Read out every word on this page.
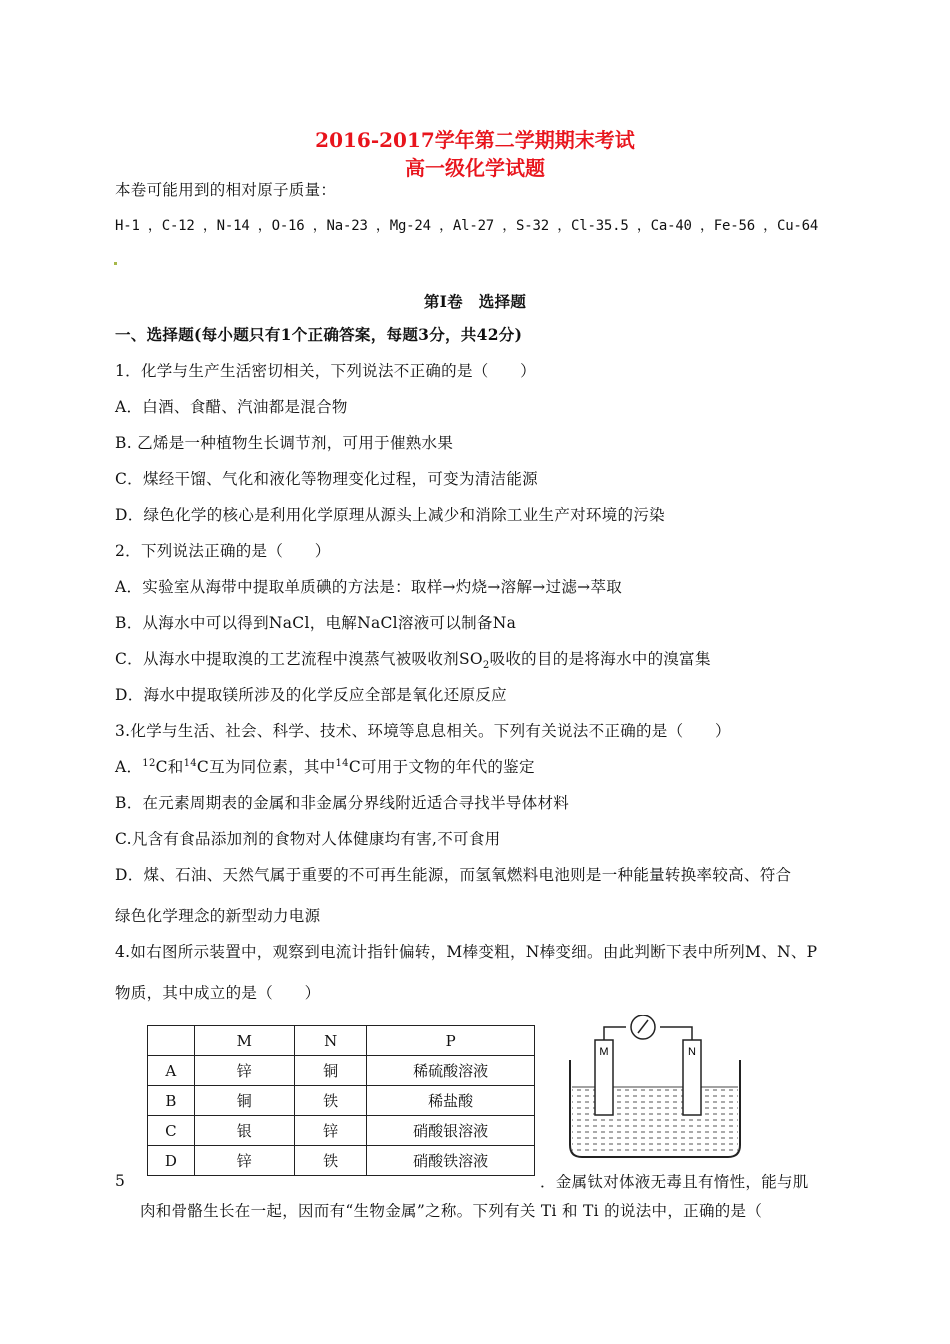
2016-2017学年第二学期期末考试
高一级化学试题
本卷可能用到的相对原子质量：
H-1 ，C-12 ，N-14 ，O-16 ，Na-23 ，Mg-24 ，Al-27 ，S-32 ，Cl-35.5 ，Ca-40 ，Fe-56 ，Cu-64
第Ⅰ卷　选择题
一、选择题(每小题只有1个正确答案，每题3分，共42分)
1．化学与生产生活密切相关，下列说法不正确的是（　　）
A．白酒、食醋、汽油都是混合物
B. 乙烯是一种植物生长调节剂，可用于催熟水果
C．煤经干馏、气化和液化等物理变化过程，可变为清洁能源
D．绿色化学的核心是利用化学原理从源头上减少和消除工业生产对环境的污染
2．下列说法正确的是（　　）
A．实验室从海带中提取单质碘的方法是：取样→灼烧→溶解→过滤→萃取
B．从海水中可以得到NaCl，电解NaCl溶液可以制备Na
C．从海水中提取溴的工艺流程中溴蒸气被吸收剂$SO_2$吸收的目的是将海水中的溴富集
D．海水中提取镁所涉及的化学反应全部是氧化还原反应
3.化学与生活、社会、科学、技术、环境等息息相关。下列有关说法不正确的是（　　）
A．$^{12}$C和$^{14}$C互为同位素，其中$^{14}$C可用于文物的年代的鉴定
B．在元素周期表的金属和非金属分界线附近适合寻找半导体材料
C.凡含有食品添加剂的食物对人体健康均有害,不可食用
D．煤、石油、天然气属于重要的不可再生能源，而氢氧燃料电池则是一种能量转换率较高、符合
绿色化学理念的新型动力电源
4.如右图所示装置中，观察到电流计指针偏转，M棒变粗，N棒变细。由此判断下表中所列M、N、P
物质，其中成立的是（　　）
	M	N	P
A	锌	铜	稀硫酸溶液
B	铜	铁	稀盐酸
C	银	锌	硝酸银溶液
D	锌	铁	硝酸铁溶液
M	N
5	．金属钛对体液无毒且有惰性，能与肌
肉和骨骼生长在一起，因而有“生物金属”之称。下列有关 Ti 和 Ti 的说法中，正确的是（
